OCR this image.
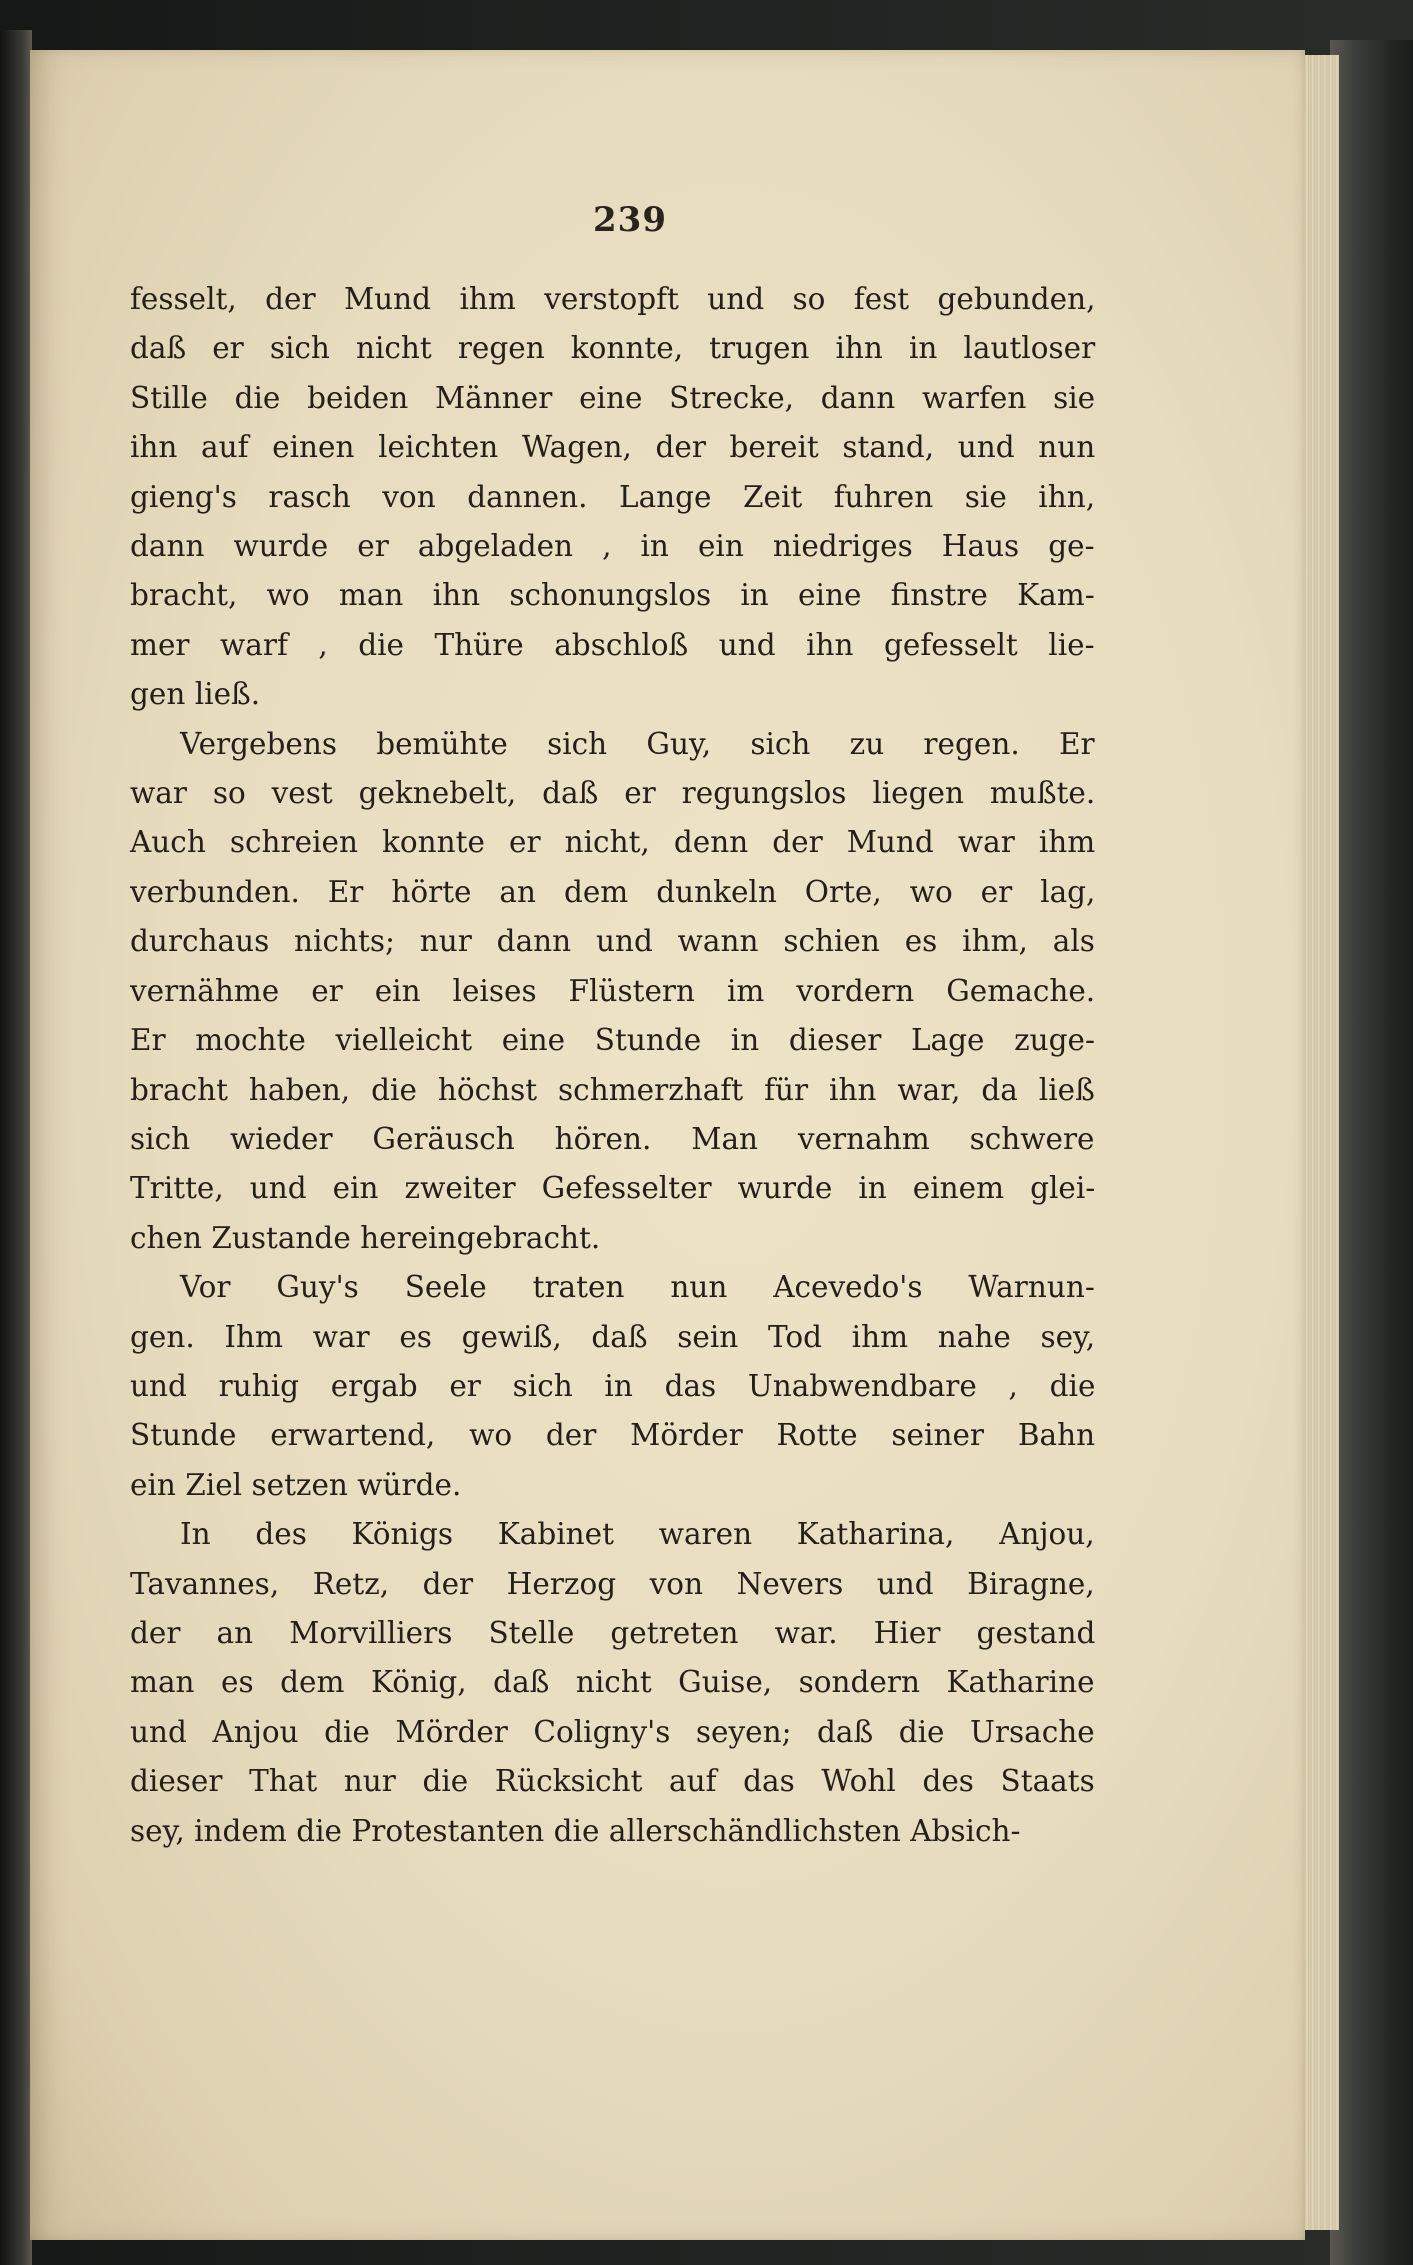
239

fesselt, der Mund ihm verstopft und so fest gebunden,
daß er sich nicht regen konnte, trugen ihn in lautloser
Stille die beiden Männer eine Strecke, dann warfen sie
ihn auf einen leichten Wagen, der bereit stand, und nun
gieng's rasch von dannen. Lange Zeit fuhren sie ihn,
dann wurde er abgeladen , in ein niedriges Haus ge-
bracht, wo man ihn schonungslos in eine finstre Kam-
mer warf , die Thüre abschloß und ihn gefesselt lie-
gen ließ.

Vergebens bemühte sich Guy, sich zu regen. Er
war so vest geknebelt, daß er regungslos liegen mußte.
Auch schreien konnte er nicht, denn der Mund war ihm
verbunden. Er hörte an dem dunkeln Orte, wo er lag,
durchaus nichts; nur dann und wann schien es ihm, als
vernähme er ein leises Flüstern im vordern Gemache.
Er mochte vielleicht eine Stunde in dieser Lage zuge-
bracht haben, die höchst schmerzhaft für ihn war, da ließ
sich wieder Geräusch hören. Man vernahm schwere
Tritte, und ein zweiter Gefesselter wurde in einem glei-
chen Zustande hereingebracht.

Vor Guy's Seele traten nun Acevedo's Warnun-
gen. Ihm war es gewiß, daß sein Tod ihm nahe sey,
und ruhig ergab er sich in das Unabwendbare , die
Stunde erwartend, wo der Mörder Rotte seiner Bahn
ein Ziel setzen würde.

In des Königs Kabinet waren Katharina, Anjou,
Tavannes, Retz, der Herzog von Nevers und Biragne,
der an Morvilliers Stelle getreten war. Hier gestand
man es dem König, daß nicht Guise, sondern Katharine
und Anjou die Mörder Coligny's seyen; daß die Ursache
dieser That nur die Rücksicht auf das Wohl des Staats
sey, indem die Protestanten die allerschändlichsten Absich-
